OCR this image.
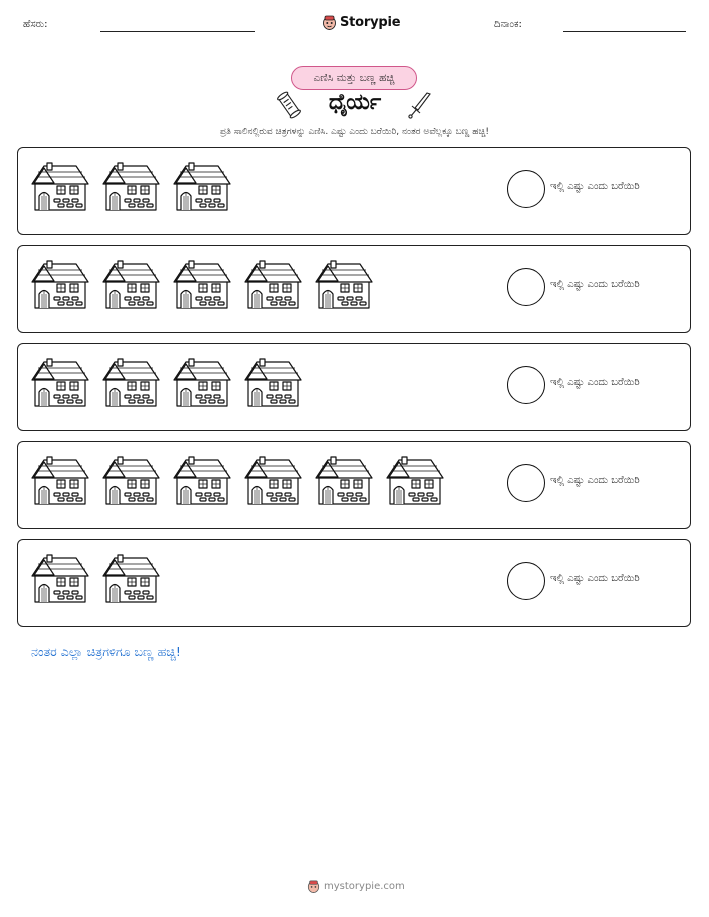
ಹೆಸರು:	Storypie	ದಿನಾಂಕ:
ಎಣಿಸಿ ಮತ್ತು ಬಣ್ಣ ಹಚ್ಚಿ
ಧೈರ್ಯ
ಪ್ರತಿ ಸಾಲಿನಲ್ಲಿರುವ ಚಿತ್ರಗಳನ್ನು ಎಣಿಸಿ. ಎಷ್ಟು ಎಂದು ಬರೆಯಿರಿ, ನಂತರ ಅವೆಲ್ಲಕ್ಕೂ ಬಣ್ಣ ಹಚ್ಚಿ!
ಇಲ್ಲಿ ಎಷ್ಟು ಎಂದು ಬರೆಯಿರಿ
ಇಲ್ಲಿ ಎಷ್ಟು ಎಂದು ಬರೆಯಿರಿ
ಇಲ್ಲಿ ಎಷ್ಟು ಎಂದು ಬರೆಯಿರಿ
ಇಲ್ಲಿ ಎಷ್ಟು ಎಂದು ಬರೆಯಿರಿ
ಇಲ್ಲಿ ಎಷ್ಟು ಎಂದು ಬರೆಯಿರಿ
ನಂತರ ಎಲ್ಲಾ ಚಿತ್ರಗಳಿಗೂ ಬಣ್ಣ ಹಚ್ಚಿ!
mystorypie.com
